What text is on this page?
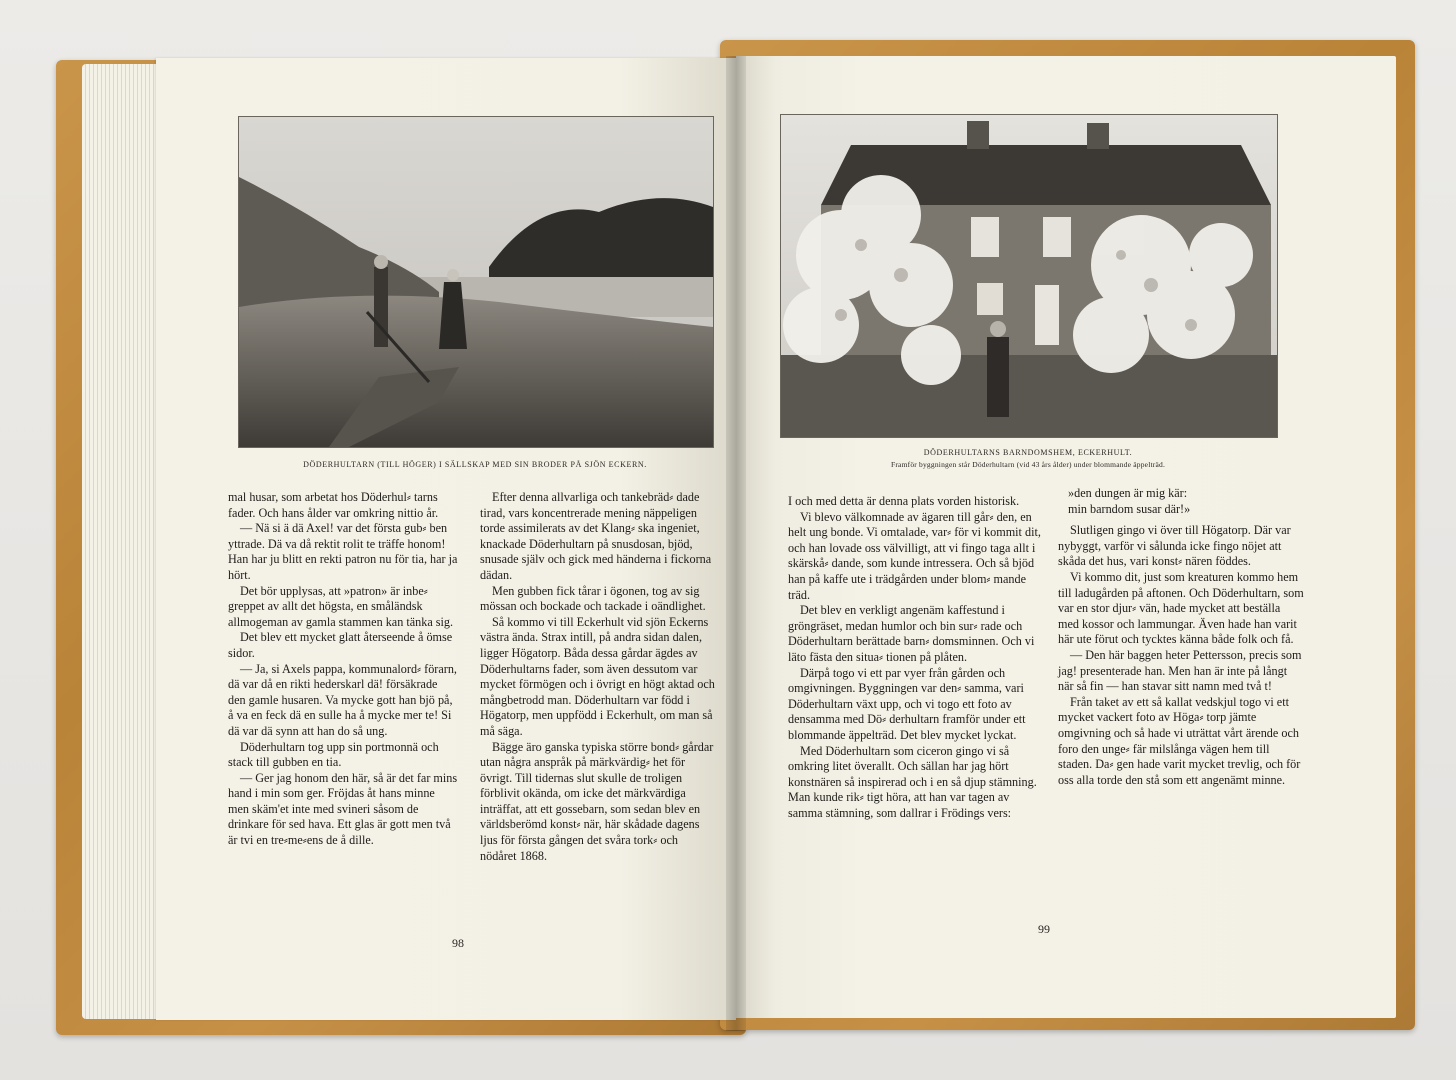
DÖDERHULTARN (TILL HÖGER) I SÄLLSKAP MED SIN BRODER PÅ SJÖN ECKERN.

mal husar, som arbetat hos Döderhul⸗ tarns fader. Och hans ålder var omkring nittio år.

— Nä si ä dä Axel! var det första gub⸗ ben yttrade. Dä va då rektit rolit te träffe honom! Han har ju blitt en rekti patron nu för tia, har ja hört.

Det bör upplysas, att »patron» är inbe⸗ greppet av allt det högsta, en småländsk allmogeman av gamla stammen kan tänka sig.

Det blev ett mycket glatt återseende å ömse sidor.

— Ja, si Axels pappa, kommunalord⸗ förarn, dä var då en rikti hederskarl dä! försäkrade den gamle husaren. Va mycke gott han bjö på, å va en feck dä en sulle ha å mycke mer te! Si dä var dä synn att han do så ung.

Döderhultarn tog upp sin portmonnä och stack till gubben en tia.

— Ger jag honom den här, så är det far mins hand i min som ger. Fröjdas åt hans minne men skäm'et inte med svineri såsom de drinkare för sed hava. Ett glas är gott men två är tvi en tre⸗me⸗ens de å dille.

Efter denna allvarliga och tankebräd⸗ dade tirad, vars koncentrerade mening näppeligen torde assimilerats av det Klang⸗ ska ingeniet, knackade Döderhultarn på snusdosan, bjöd, snusade själv och gick med händerna i fickorna dädan.

Men gubben fick tårar i ögonen, tog av sig mössan och bockade och tackade i oändlighet.

Så kommo vi till Eckerhult vid sjön Eckerns västra ända. Strax intill, på andra sidan dalen, ligger Högatorp. Båda dessa gårdar ägdes av Döderhultarns fader, som även dessutom var mycket förmögen och i övrigt en högt aktad och mångbetrodd man. Döderhultarn var född i Högatorp, men uppfödd i Eckerhult, om man så må säga.

Bägge äro ganska typiska större bond⸗ gårdar utan några anspråk på märkvärdig⸗ het för övrigt. Till tidernas slut skulle de troligen förblivit okända, om icke det märkvärdiga inträffat, att ett gossebarn, som sedan blev en världsberömd konst⸗ när, här skådade dagens ljus för första gången det svåra tork⸗ och nödåret 1868.

98
DÖDERHULTARNS BARNDOMSHEM, ECKERHULT.
Framför byggningen står Döderhultarn (vid 43 års ålder) under blommande äppelträd.

I och med detta är denna plats vorden historisk.

Vi blevo välkomnade av ägaren till går⸗ den, en helt ung bonde. Vi omtalade, var⸗ för vi kommit dit, och han lovade oss välvilligt, att vi fingo taga allt i skärskå⸗ dande, som kunde intressera. Och så bjöd han på kaffe ute i trädgården under blom⸗ mande träd.

Det blev en verkligt angenäm kaffestund i gröngräset, medan humlor och bin sur⸗ rade och Döderhultarn berättade barn⸗ domsminnen. Och vi läto fästa den situa⸗ tionen på plåten.

Därpå togo vi ett par vyer från gården och omgivningen. Byggningen var den⸗ samma, vari Döderhultarn växt upp, och vi togo ett foto av densamma med Dö⸗ derhultarn framför under ett blommande äppelträd. Det blev mycket lyckat.

Med Döderhultarn som ciceron gingo vi så omkring litet överallt. Och sällan har jag hört konstnären så inspirerad och i en så djup stämning. Man kunde rik⸗ tigt höra, att han var tagen av samma stämning, som dallrar i Frödings vers:

»den dungen är mig kär:

min barndom susar där!»

Slutligen gingo vi över till Högatorp. Där var nybyggt, varför vi sålunda icke fingo nöjet att skåda det hus, vari konst⸗ nären föddes.

Vi kommo dit, just som kreaturen kommo hem till ladugården på aftonen. Och Döderhultarn, som var en stor djur⸗ vän, hade mycket att beställa med kossor och lammungar. Även hade han varit här ute förut och tycktes känna både folk och få.

— Den här baggen heter Pettersson, precis som jag! presenterade han. Men han är inte på långt när så fin — han stavar sitt namn med två t!

Från taket av ett så kallat vedskjul togo vi ett mycket vackert foto av Höga⸗ torp jämte omgivning och så hade vi uträttat vårt ärende och foro den unge⸗ fär milslånga vägen hem till staden. Da⸗ gen hade varit mycket trevlig, och för oss alla torde den stå som ett angenämt minne.

99
